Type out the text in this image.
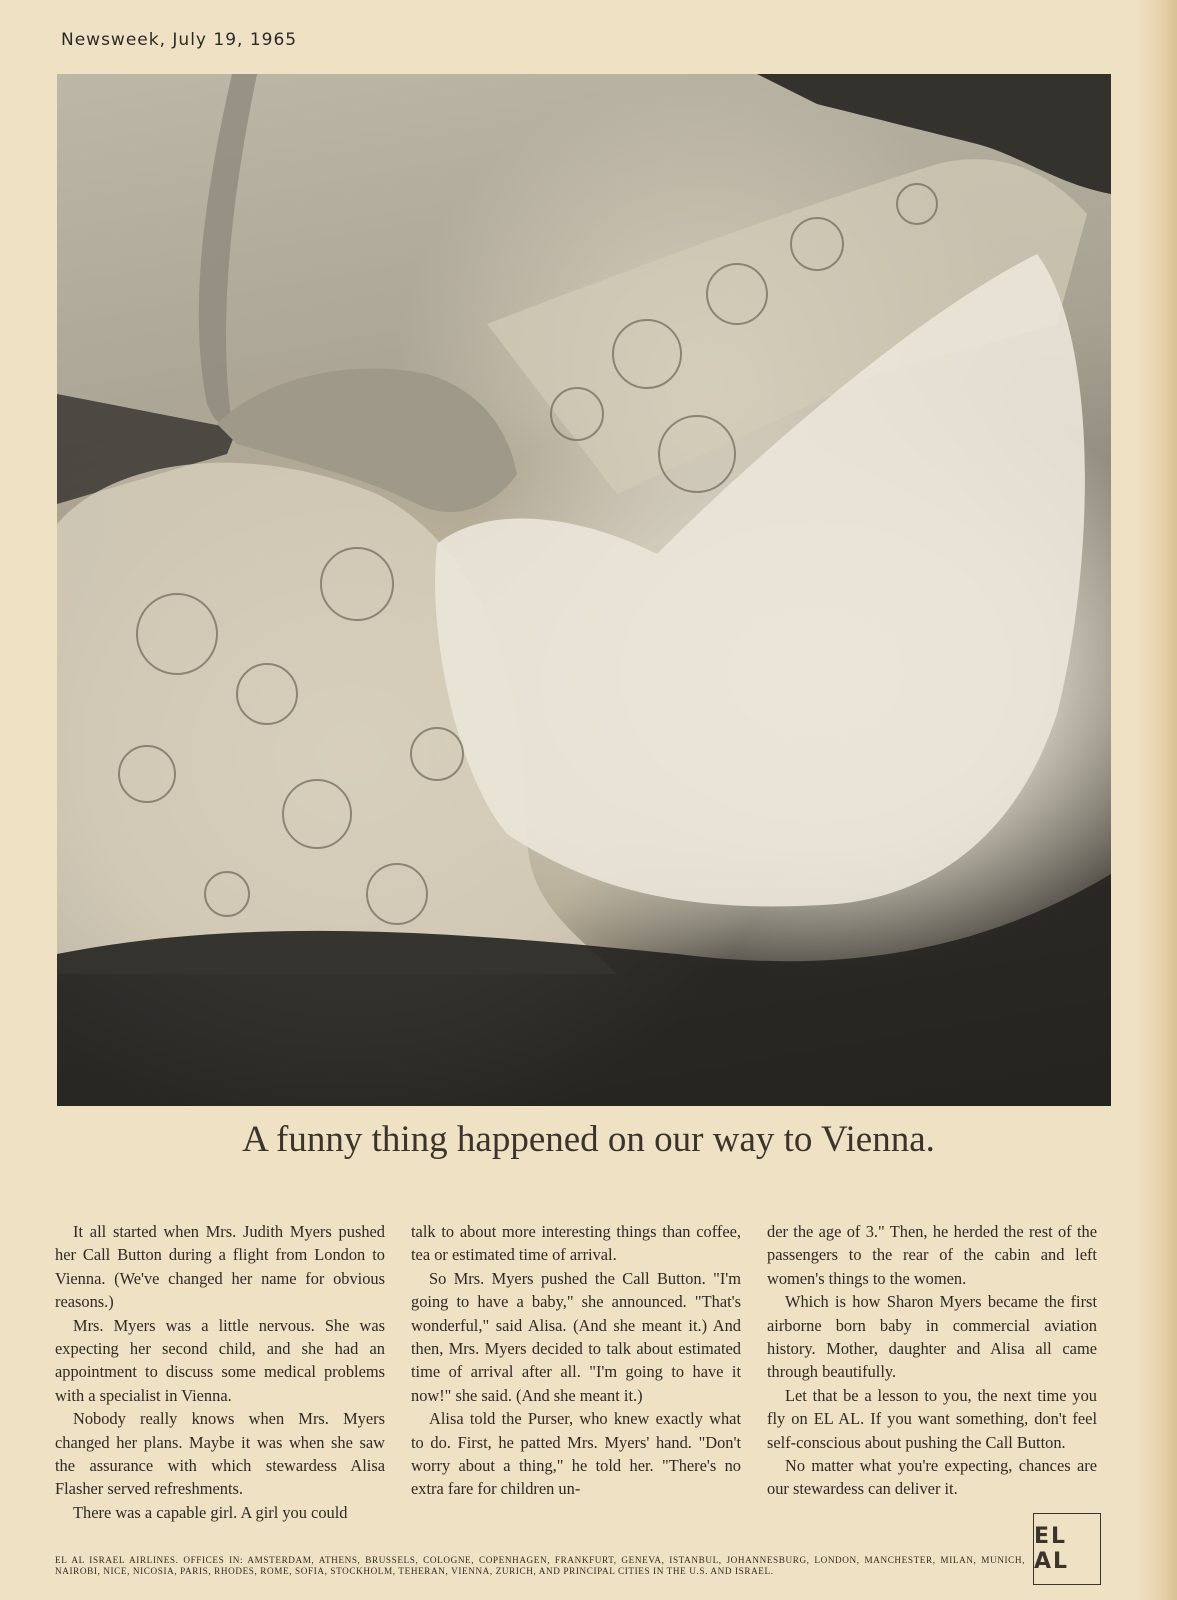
Newsweek, July 19, 1965
A funny thing happened on our way to Vienna.

It all started when Mrs. Judith Myers pushed her Call Button during a flight from London to Vienna. (We've changed her name for obvious reasons.)

Mrs. Myers was a little nervous. She was expecting her second child, and she had an appointment to discuss some medical problems with a specialist in Vienna.

Nobody really knows when Mrs. Myers changed her plans. Maybe it was when she saw the assurance with which stewardess Alisa Flasher served refreshments.

There was a capable girl. A girl you could

talk to about more interesting things than coffee, tea or estimated time of arrival.

So Mrs. Myers pushed the Call Button. "I'm going to have a baby," she announced. "That's wonderful," said Alisa. (And she meant it.) And then, Mrs. Myers decided to talk about estimated time of arrival after all. "I'm going to have it now!" she said. (And she meant it.)

Alisa told the Purser, who knew exactly what to do. First, he patted Mrs. Myers' hand. "Don't worry about a thing," he told her. "There's no extra fare for children un-

der the age of 3." Then, he herded the rest of the passengers to the rear of the cabin and left women's things to the women.

Which is how Sharon Myers became the first airborne born baby in commercial aviation history. Mother, daughter and Alisa all came through beautifully.

Let that be a lesson to you, the next time you fly on EL AL. If you want something, don't feel self-conscious about pushing the Call Button.

No matter what you're expecting, chances are our stewardess can deliver it.

EL AL
EL AL ISRAEL AIRLINES. OFFICES IN: AMSTERDAM, ATHENS, BRUSSELS, COLOGNE, COPENHAGEN, FRANKFURT, GENEVA, ISTANBUL, JOHANNESBURG, LONDON, MANCHESTER, MILAN, MUNICH, NAIROBI, NICE, NICOSIA, PARIS, RHODES, ROME, SOFIA, STOCKHOLM, TEHERAN, VIENNA, ZURICH, AND PRINCIPAL CITIES IN THE U.S. AND ISRAEL.
